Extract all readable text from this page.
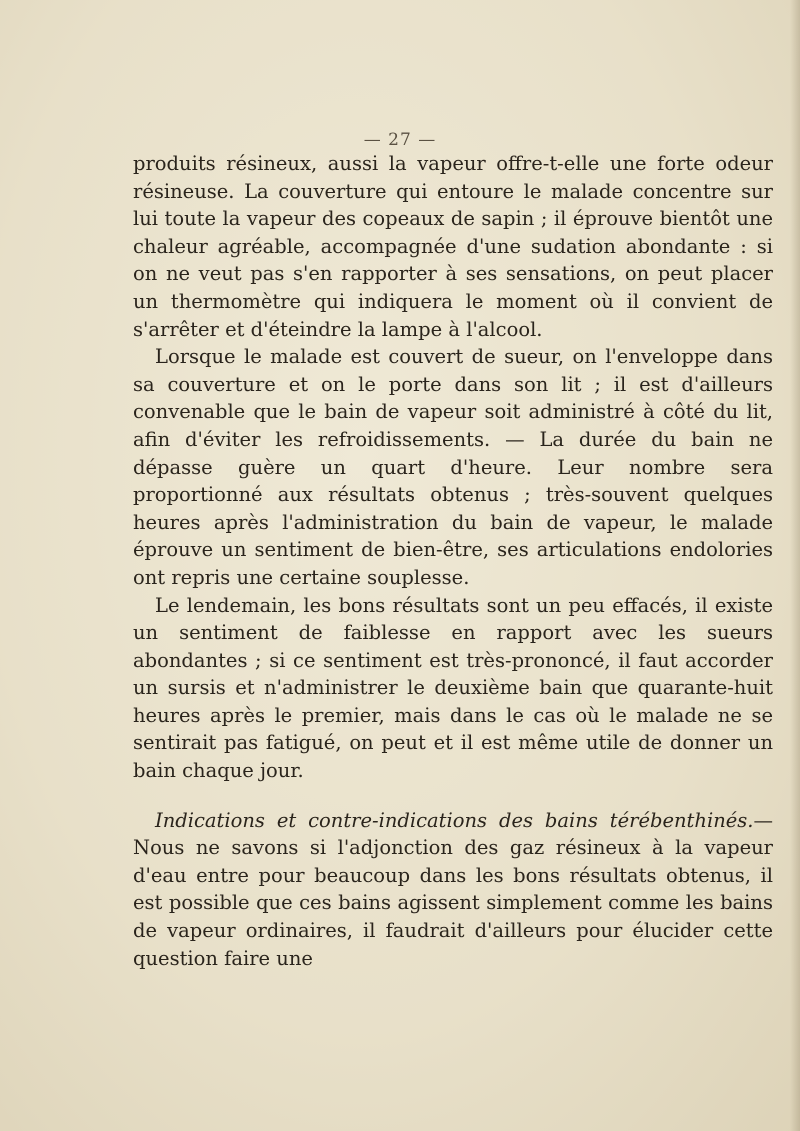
— 27 —

produits résineux, aussi la vapeur offre-t-elle une forte odeur résineuse. La couverture qui entoure le malade concentre sur lui toute la vapeur des copeaux de sapin ; il éprouve bientôt une chaleur agréable, accompagnée d'une sudation abondante : si on ne veut pas s'en rapporter à ses sensations, on peut placer un thermomètre qui indiquera le moment où il convient de s'arrêter et d'éteindre la lampe à l'alcool.

Lorsque le malade est couvert de sueur, on l'enveloppe dans sa couverture et on le porte dans son lit ; il est d'ailleurs convenable que le bain de vapeur soit administré à côté du lit, afin d'éviter les refroidissements. — La durée du bain ne dépasse guère un quart d'heure. Leur nombre sera proportionné aux résultats obtenus ; très-souvent quelques heures après l'administration du bain de vapeur, le malade éprouve un sentiment de bien-être, ses articulations endolories ont repris une certaine souplesse.

Le lendemain, les bons résultats sont un peu effacés, il existe un sentiment de faiblesse en rapport avec les sueurs abondantes ; si ce sentiment est très-prononcé, il faut accorder un sursis et n'administrer le deuxième bain que quarante-huit heures après le premier, mais dans le cas où le malade ne se sentirait pas fatigué, on peut et il est même utile de donner un bain chaque jour.

Indications et contre-indications des bains térébenthinés.—Nous ne savons si l'adjonction des gaz résineux à la vapeur d'eau entre pour beaucoup dans les bons résultats obtenus, il est possible que ces bains agissent simplement comme les bains de vapeur ordinaires, il faudrait d'ailleurs pour élucider cette question faire une
